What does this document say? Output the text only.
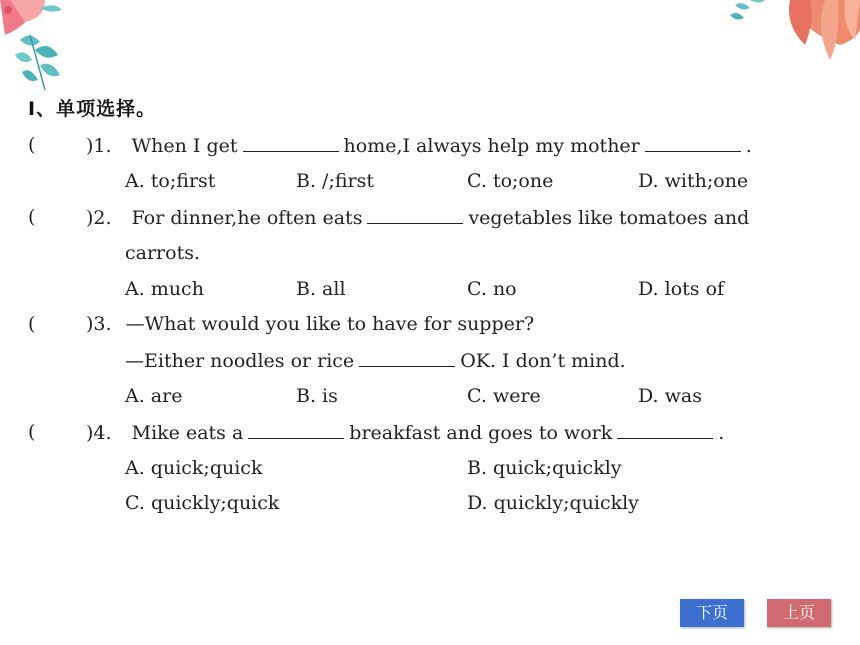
Ⅰ、单项选择。
(	)1. When I get	home,I always help my mother	.
A. to;first	B. /;first	C. to;one	D. with;one
(	)2. For dinner,he often eats	vegetables like tomatoes and
carrots.
A. much	B. all	C. no	D. lots of
(	)3. —What would you like to have for supper?
—Either noodles or rice	OK. I don’t mind.
A. are	B. is	C. were	D. was
(	)4. Mike eats a	breakfast and goes to work	.
A. quick;quick	B. quick;quickly
C. quickly;quick	D. quickly;quickly
下页	上页
